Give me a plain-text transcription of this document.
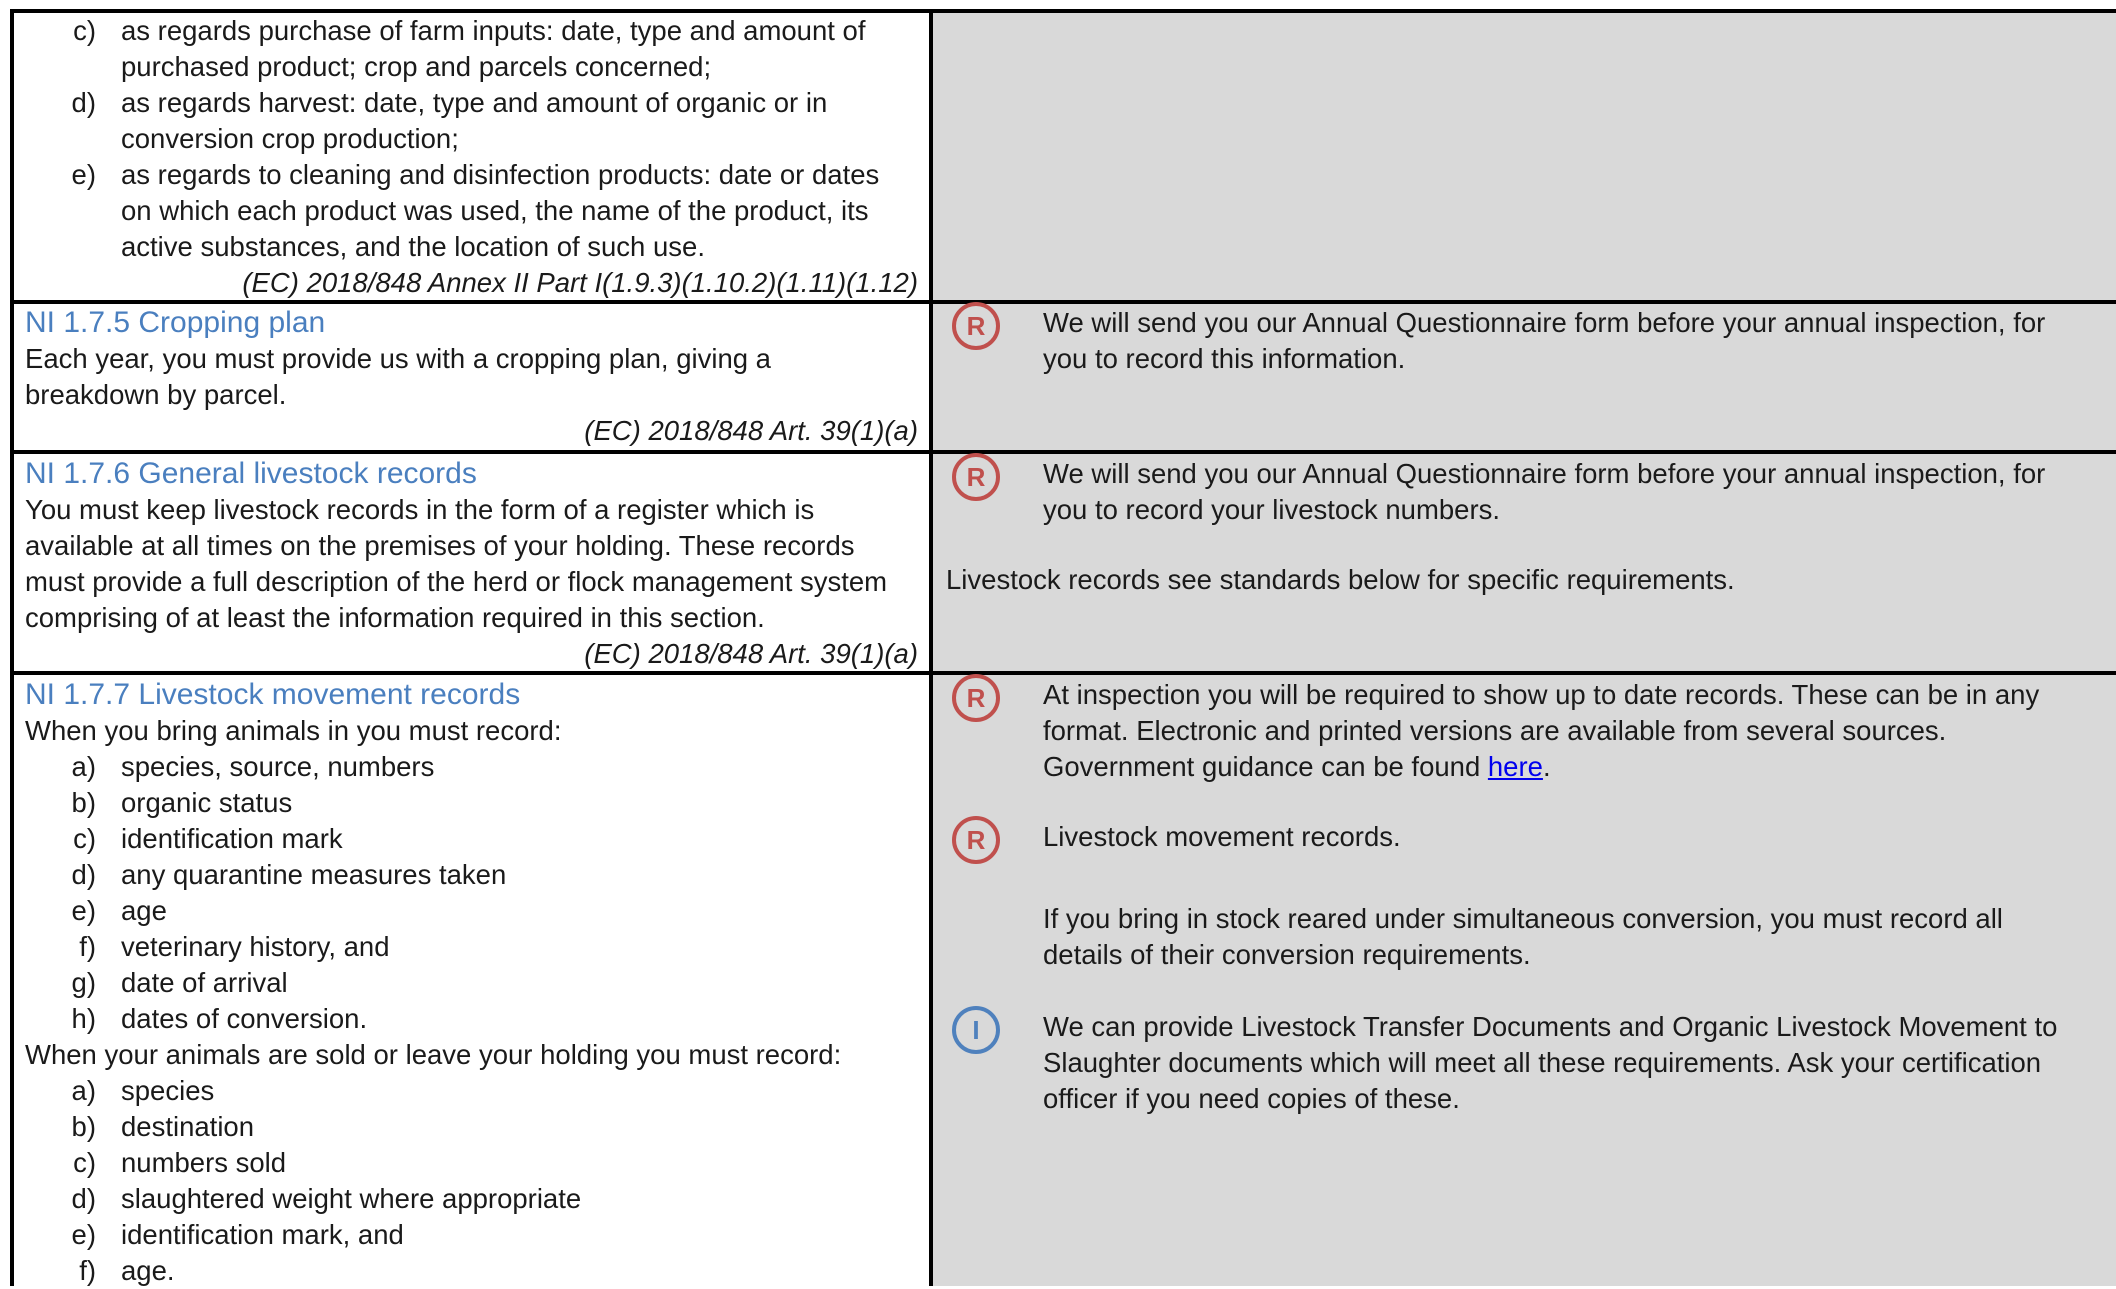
c) as regards purchase of farm inputs: date, type and amount of purchased product; crop and parcels concerned;
d) as regards harvest: date, type and amount of organic or in conversion crop production;
e) as regards to cleaning and disinfection products: date or dates on which each product was used, the name of the product, its active substances, and the location of such use.
(EC) 2018/848 Annex II Part I(1.9.3)(1.10.2)(1.11)(1.12)
NI 1.7.5 Cropping plan
Each year, you must provide us with a cropping plan, giving a breakdown by parcel.
(EC) 2018/848 Art. 39(1)(a)
R We will send you our Annual Questionnaire form before your annual inspection, for you to record this information.
NI 1.7.6 General livestock records
You must keep livestock records in the form of a register which is available at all times on the premises of your holding. These records must provide a full description of the herd or flock management system comprising of at least the information required in this section.
(EC) 2018/848 Art. 39(1)(a)
R We will send you our Annual Questionnaire form before your annual inspection, for you to record your livestock numbers.
Livestock records see standards below for specific requirements.
NI 1.7.7 Livestock movement records
When you bring animals in you must record:
a) species, source, numbers
b) organic status
c) identification mark
d) any quarantine measures taken
e) age
f) veterinary history, and
g) date of arrival
h) dates of conversion.
When your animals are sold or leave your holding you must record:
a) species
b) destination
c) numbers sold
d) slaughtered weight where appropriate
e) identification mark, and
f) age.
R At inspection you will be required to show up to date records. These can be in any format. Electronic and printed versions are available from several sources. Government guidance can be found here.
R Livestock movement records.
If you bring in stock reared under simultaneous conversion, you must record all details of their conversion requirements.
I We can provide Livestock Transfer Documents and Organic Livestock Movement to Slaughter documents which will meet all these requirements. Ask your certification officer if you need copies of these.
